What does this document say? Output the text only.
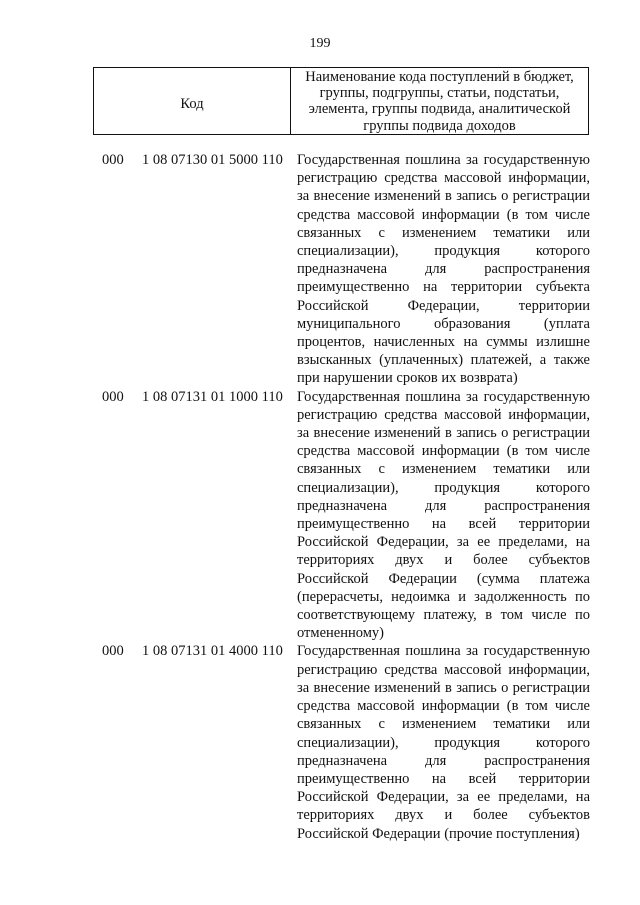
199
Код
Наименование кода поступлений в бюджет, группы, подгруппы, статьи, подстатьи, элемента, группы подвида, аналитической группы подвида доходов
000 1 08 07130 01 5000 110 Государственная пошлина за государственную регистрацию средства массовой информации, за внесение изменений в запись о регистрации средства массовой информации (в том числе связанных с изменением тематики или специализации), продукция которого предназначена для распространения преимущественно на территории субъекта Российской Федерации, территории муниципального образования (уплата процентов, начисленных на суммы излишне взысканных (уплаченных) платежей, а также при нарушении сроков их возврата)
000 1 08 07131 01 1000 110 Государственная пошлина за государственную регистрацию средства массовой информации, за внесение изменений в запись о регистрации средства массовой информации (в том числе связанных с изменением тематики или специализации), продукция которого предназначена для распространения преимущественно на всей территории Российской Федерации, за ее пределами, на территориях двух и более субъектов Российской Федерации (сумма платежа (перерасчеты, недоимка и задолженность по соответствующему платежу, в том числе по отмененному)
000 1 08 07131 01 4000 110 Государственная пошлина за государственную регистрацию средства массовой информации, за внесение изменений в запись о регистрации средства массовой информации (в том числе связанных с изменением тематики или специализации), продукция которого предназначена для распространения преимущественно на всей территории Российской Федерации, за ее пределами, на территориях двух и более субъектов Российской Федерации (прочие поступления)
